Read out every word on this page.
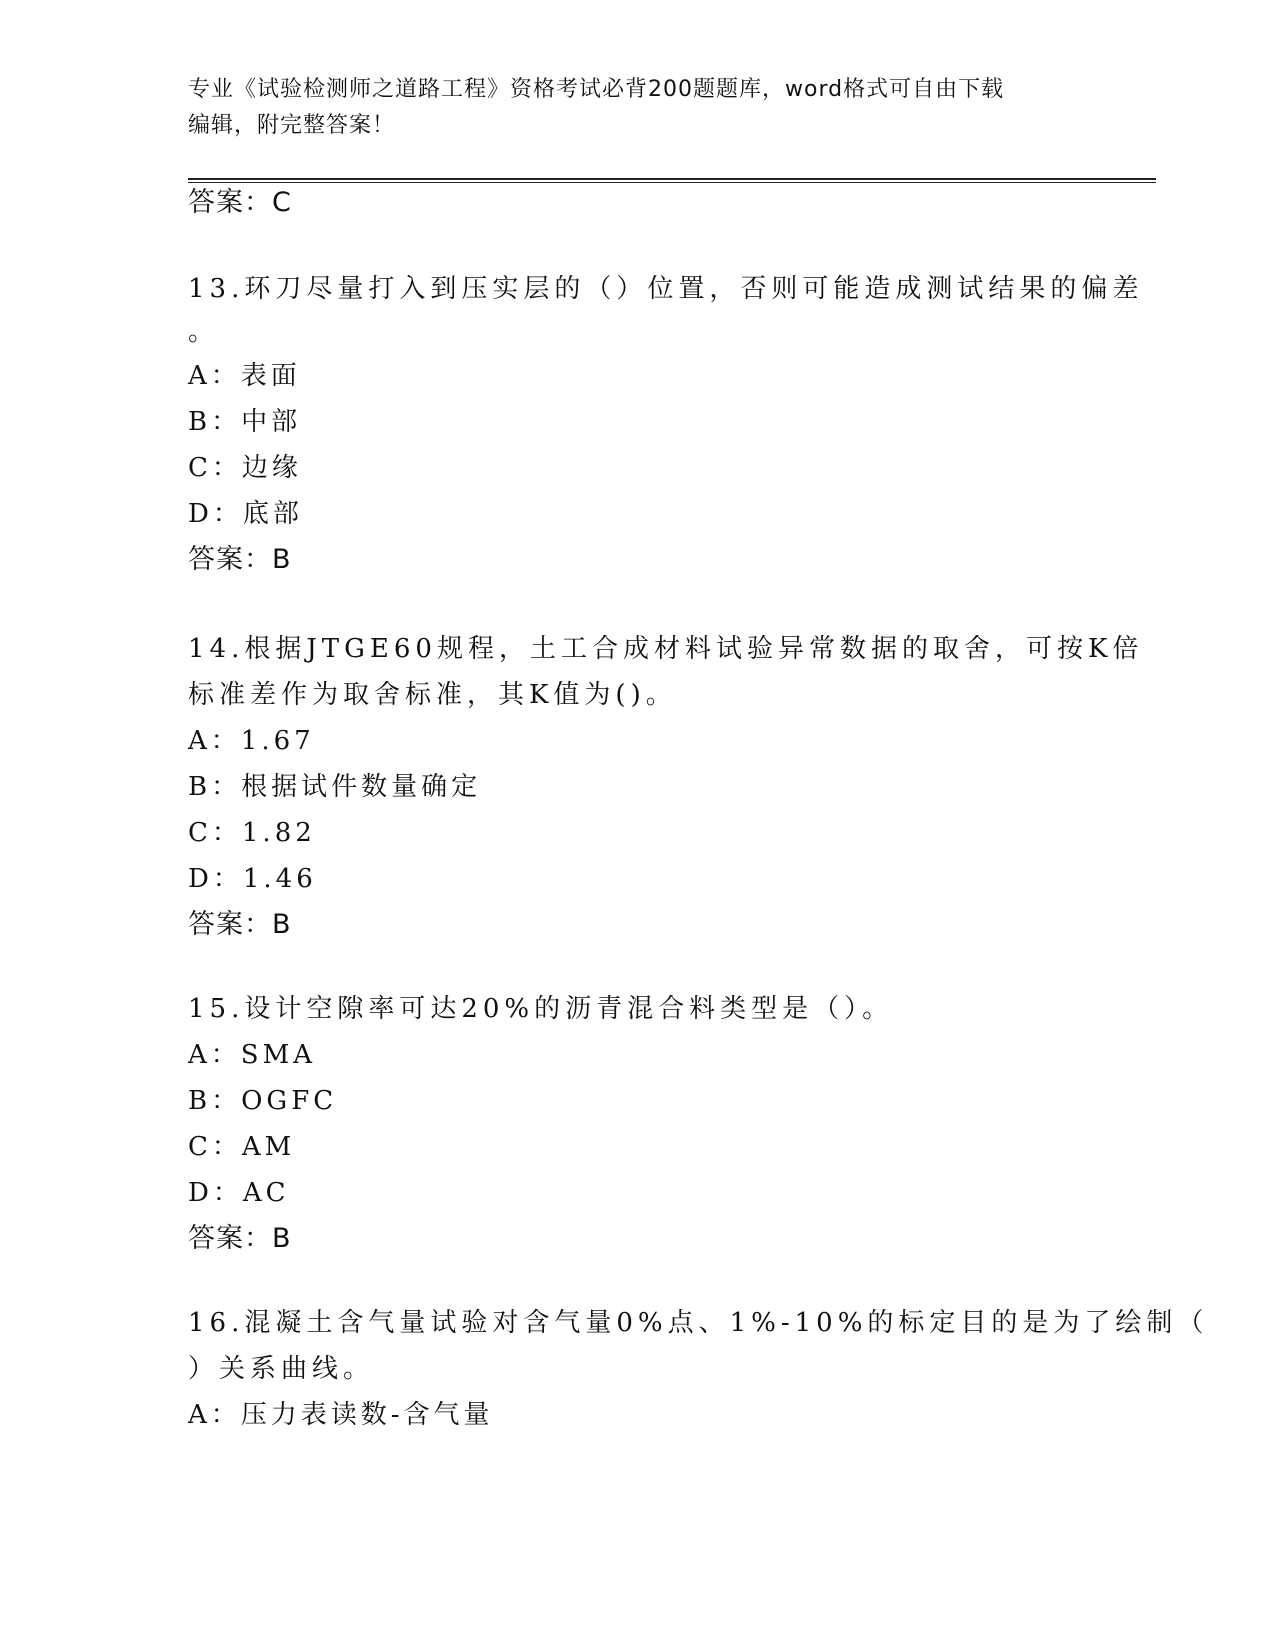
专业《试验检测师之道路工程》资格考试必背200题题库，word格式可自由下载
编辑，附完整答案！
答案：C
13.环刀尽量打入到压实层的（）位置，否则可能造成测试结果的偏差
。
A：表面
B：中部
C：边缘
D：底部
答案：B
14.根据JTGE60规程，土工合成材料试验异常数据的取舍，可按K倍
标准差作为取舍标准，其K值为()。
A：1.67
B：根据试件数量确定
C：1.82
D：1.46
答案：B
15.设计空隙率可达20%的沥青混合料类型是（）。
A：SMA
B：OGFC
C：AM
D：AC
答案：B
16.混凝土含气量试验对含气量0%点、1%-10%的标定目的是为了绘制（
）关系曲线。
A：压力表读数-含气量
